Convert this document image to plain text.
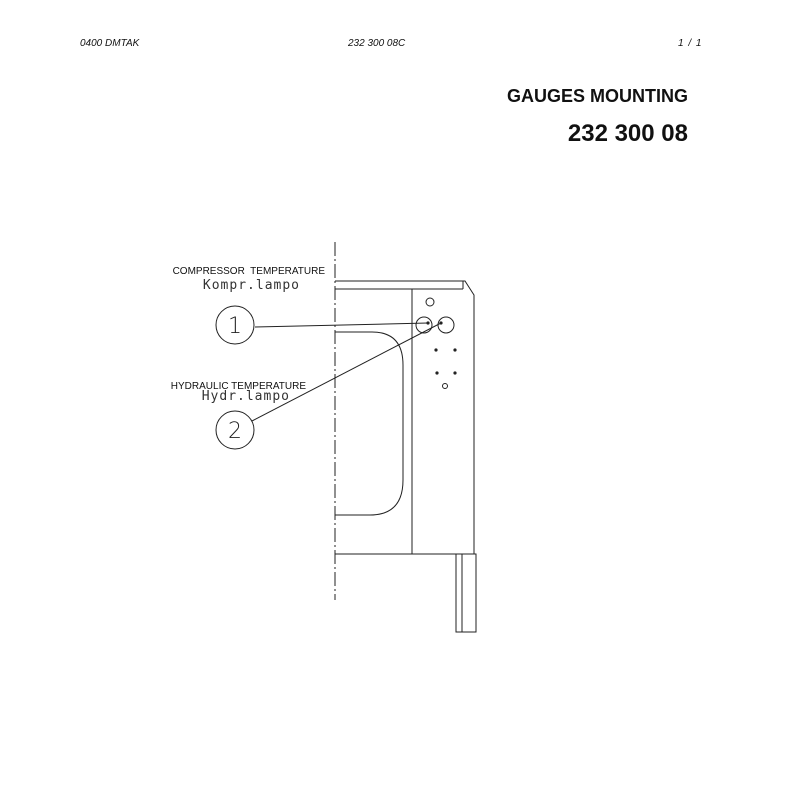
0400 DMTAK	232 300 08C	1 / 1
GAUGES MOUNTING
232 300 08
1
2
COMPRESSOR  TEMPERATURE
Kompr.lampo
HYDRAULIC TEMPERATURE
Hydr.lampo
